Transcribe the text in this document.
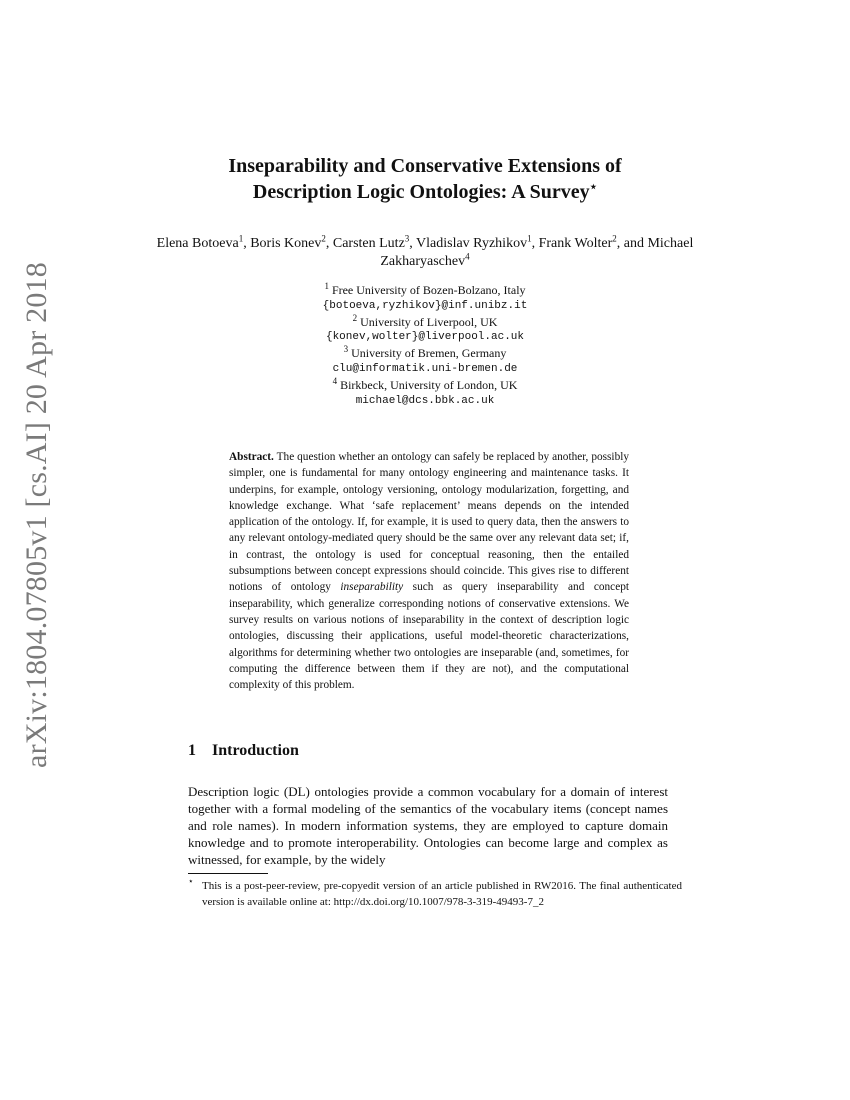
arXiv:1804.07805v1 [cs.AI] 20 Apr 2018
Inseparability and Conservative Extensions of
Description Logic Ontologies: A Survey⋆

Elena Botoeva$^1$, Boris Konev$^2$, Carsten Lutz$^3$, Vladislav Ryzhikov$^1$, Frank Wolter$^2$, and Michael Zakharyaschev$^4$

$^1$ Free University of Bozen-Bolzano, Italy
{botoeva,ryzhikov}@inf.unibz.it
$^2$ University of Liverpool, UK
{konev,wolter}@liverpool.ac.uk
$^3$ University of Bremen, Germany
clu@informatik.uni-bremen.de
$^4$ Birkbeck, University of London, UK
michael@dcs.bbk.ac.uk

Abstract. The question whether an ontology can safely be replaced by another, possibly simpler, one is fundamental for many ontology engineering and maintenance tasks. It underpins, for example, ontology versioning, ontology modularization, forgetting, and knowledge exchange. What ‘safe replacement’ means depends on the intended application of the ontology. If, for example, it is used to query data, then the answers to any relevant ontology-mediated query should be the same over any relevant data set; if, in contrast, the ontology is used for conceptual reasoning, then the entailed subsumptions between concept expressions should coincide. This gives rise to different notions of ontology inseparability such as query inseparability and concept inseparability, which generalize corresponding notions of conservative extensions. We survey results on various notions of inseparability in the context of description logic ontologies, discussing their applications, useful model-theoretic characterizations, algorithms for determining whether two ontologies are inseparable (and, sometimes, for computing the difference between them if they are not), and the computational complexity of this problem.

1 Introduction

Description logic (DL) ontologies provide a common vocabulary for a domain of interest together with a formal modeling of the semantics of the vocabulary items (concept names and role names). In modern information systems, they are employed to capture domain knowledge and to promote interoperability. Ontologies can become large and complex as witnessed, for example, by the widely

⋆ This is a post-peer-review, pre-copyedit version of an article published in RW2016. The final authenticated version is available online at: http://dx.doi.org/10.1007/978-3-319-49493-7_2
